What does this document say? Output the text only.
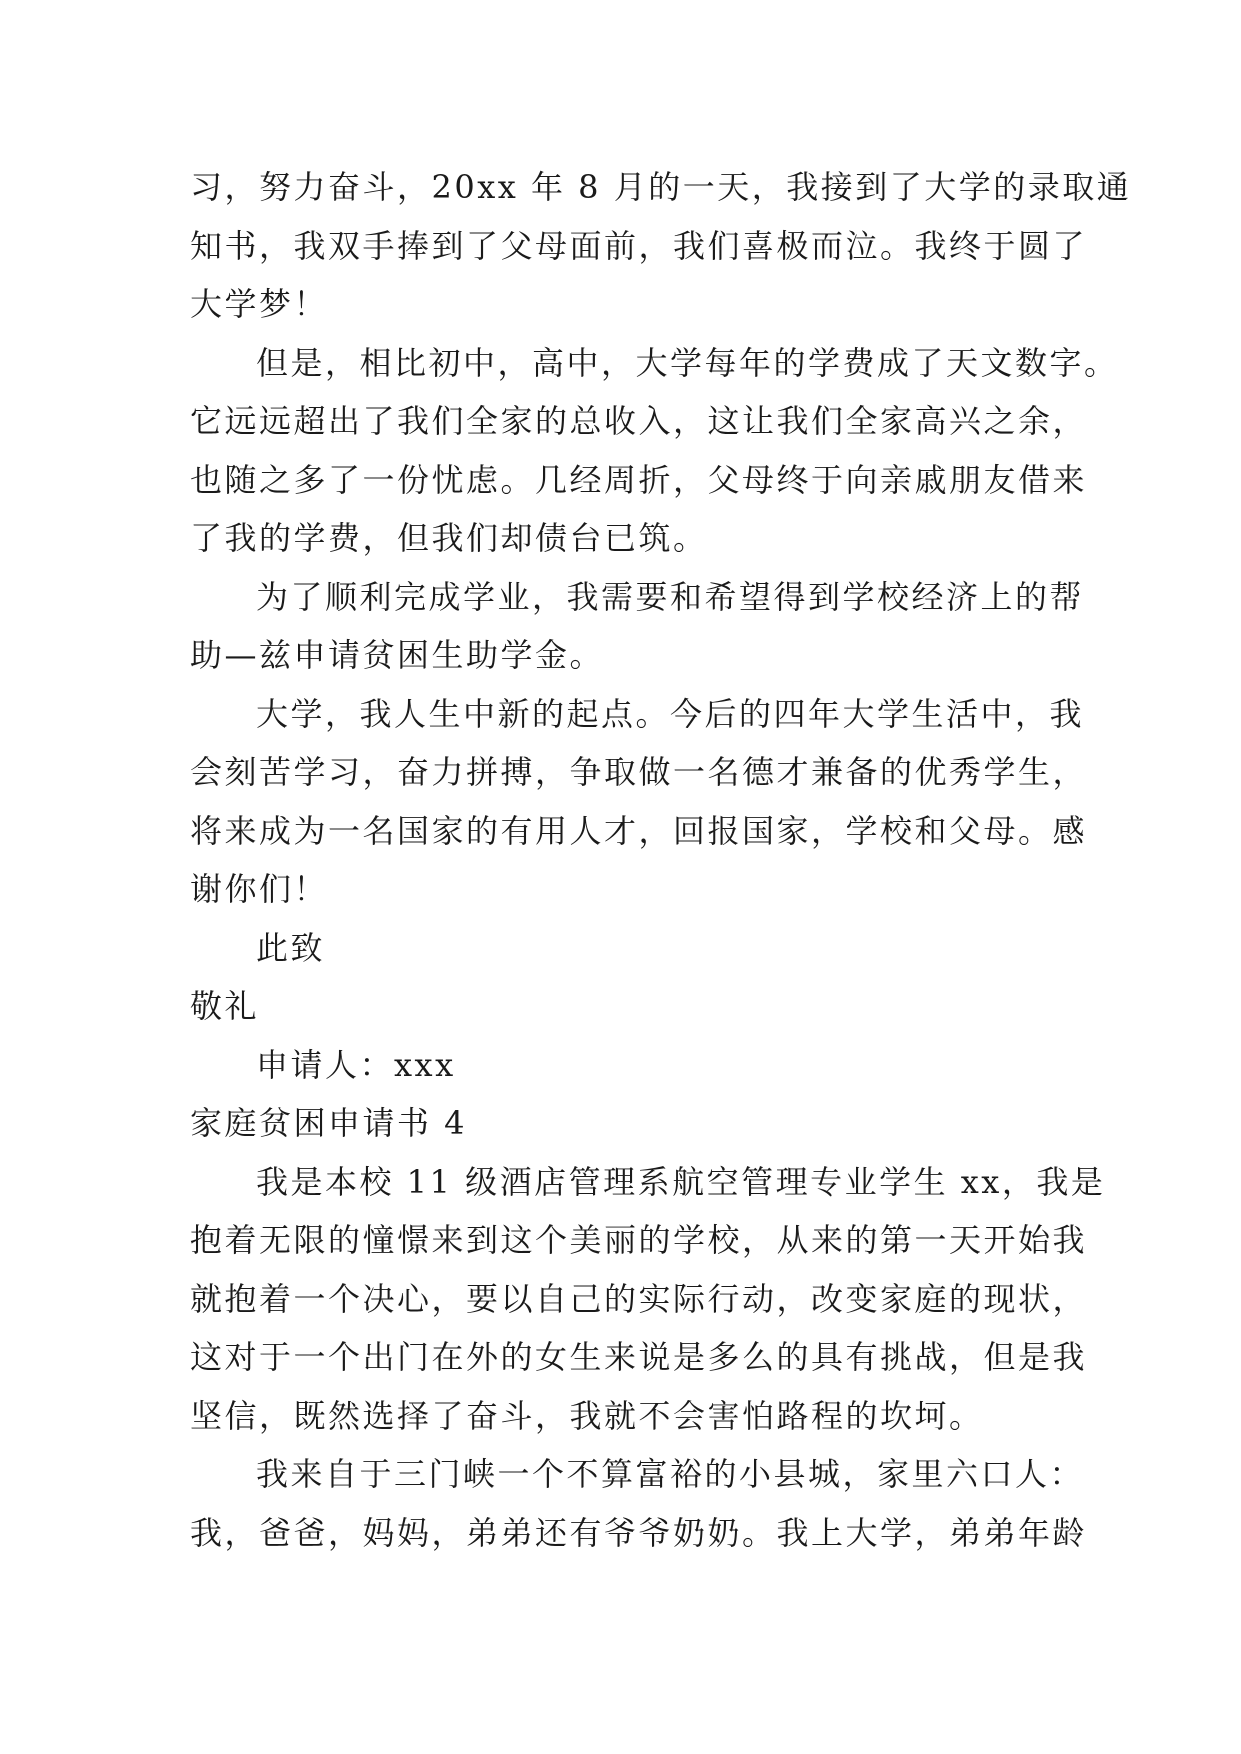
习，努力奋斗，20xx 年 8 月的一天，我接到了大学的录取通
知书，我双手捧到了父母面前，我们喜极而泣。我终于圆了
大学梦！
但是，相比初中，高中，大学每年的学费成了天文数字。
它远远超出了我们全家的总收入，这让我们全家高兴之余，
也随之多了一份忧虑。几经周折，父母终于向亲戚朋友借来
了我的学费，但我们却债台已筑。
为了顺利完成学业，我需要和希望得到学校经济上的帮
助—兹申请贫困生助学金。
大学，我人生中新的起点。今后的四年大学生活中，我
会刻苦学习，奋力拼搏，争取做一名德才兼备的优秀学生，
将来成为一名国家的有用人才，回报国家，学校和父母。感
谢你们！
此致
敬礼
申请人：xxx
家庭贫困申请书 4
我是本校 11 级酒店管理系航空管理专业学生 xx，我是
抱着无限的憧憬来到这个美丽的学校，从来的第一天开始我
就抱着一个决心，要以自己的实际行动，改变家庭的现状，
这对于一个出门在外的女生来说是多么的具有挑战，但是我
坚信，既然选择了奋斗，我就不会害怕路程的坎坷。
我来自于三门峡一个不算富裕的小县城，家里六口人：
我，爸爸，妈妈，弟弟还有爷爷奶奶。我上大学，弟弟年龄
